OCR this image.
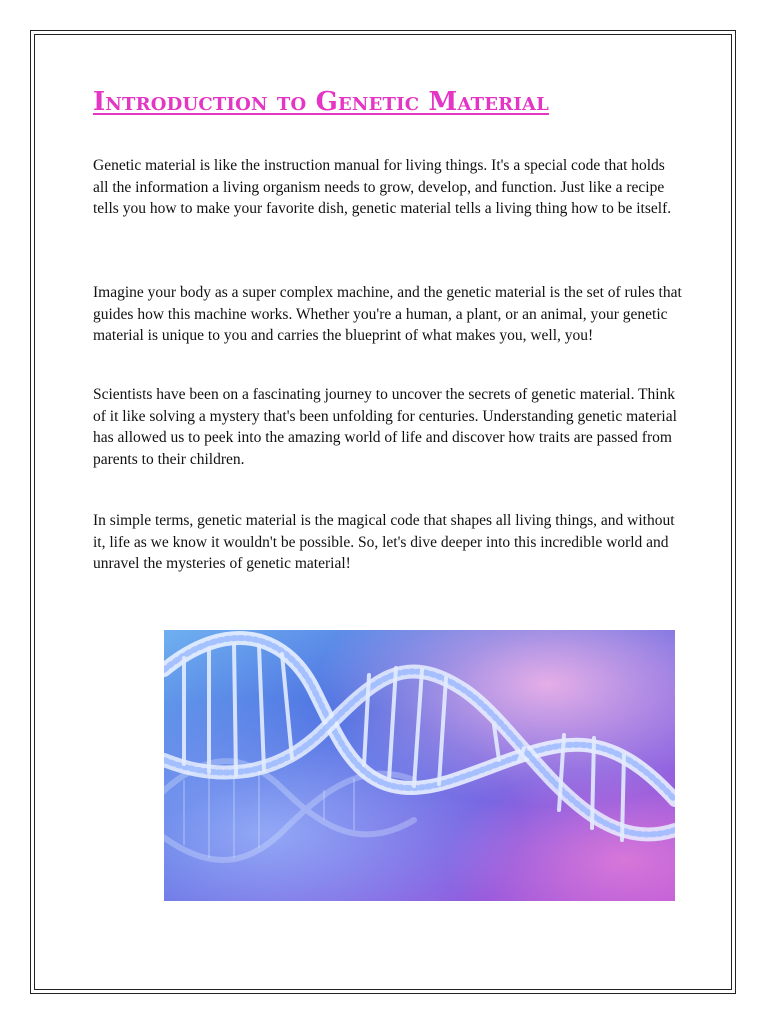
Introduction to Genetic Material

Genetic material is like the instruction manual for living things. It's a special code that holds all the information a living organism needs to grow, develop, and function. Just like a recipe tells you how to make your favorite dish, genetic material tells a living thing how to be itself.

Imagine your body as a super complex machine, and the genetic material is the set of rules that guides how this machine works. Whether you're a human, a plant, or an animal, your genetic material is unique to you and carries the blueprint of what makes you, well, you!

Scientists have been on a fascinating journey to uncover the secrets of genetic material. Think of it like solving a mystery that's been unfolding for centuries. Understanding genetic material has allowed us to peek into the amazing world of life and discover how traits are passed from parents to their children.

In simple terms, genetic material is the magical code that shapes all living things, and without it, life as we know it wouldn't be possible. So, let's dive deeper into this incredible world and unravel the mysteries of genetic material!
